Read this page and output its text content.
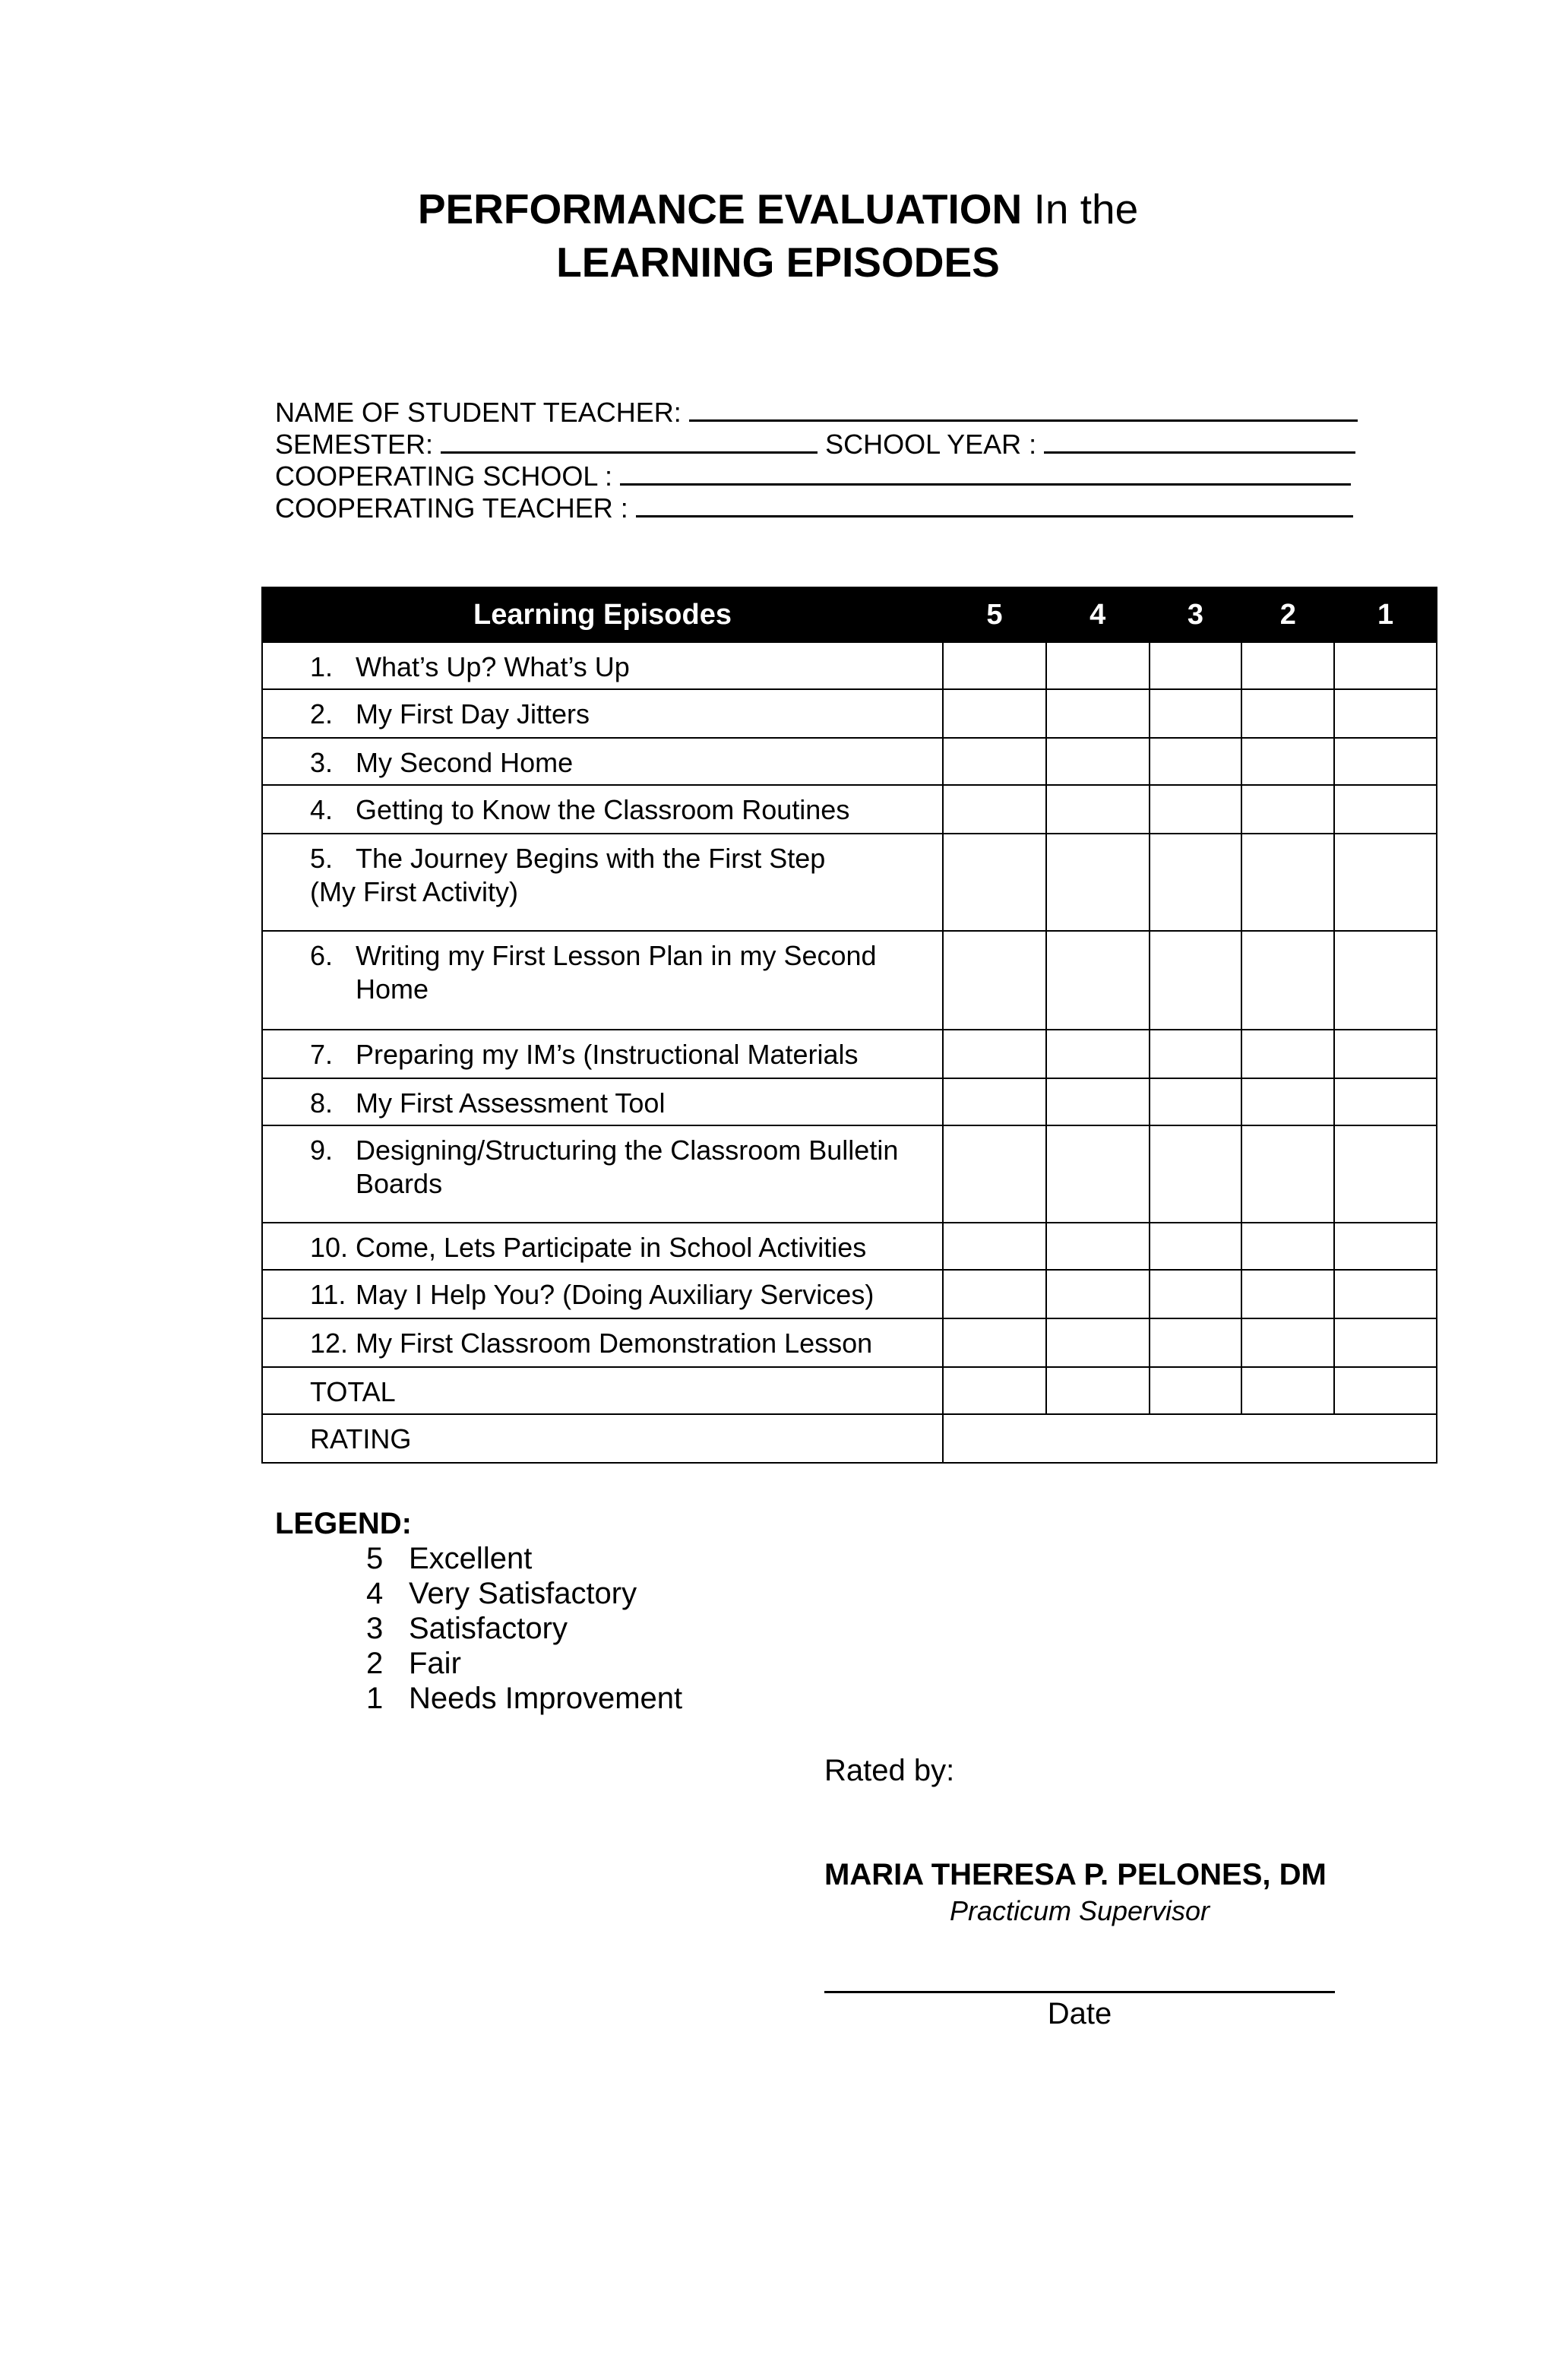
PERFORMANCE EVALUATION In the
LEARNING EPISODES
NAME OF STUDENT TEACHER:
SEMESTER:	SCHOOL YEAR :
COOPERATING SCHOOL :
COOPERATING TEACHER :
Learning Episodes	5	4	3	2	1
1. What’s Up? What’s Up					
2. My First Day Jitters					
3. My Second Home					
4. Getting to Know the Classroom Routines					
5. The Journey Begins with the First Step
(My First Activity)					

6. Writing my First Lesson Plan in my Second
Home					

7. Preparing my IM’s (Instructional Materials					
8. My First Assessment Tool					
9. Designing/Structuring the Classroom Bulletin
Boards					

10. Come, Lets Participate in School Activities					
11. May I Help You? (Doing Auxiliary Services)					
12. My First Classroom Demonstration Lesson					
TOTAL					
RATING					
LEGEND:
5 Excellent
4 Very Satisfactory
3 Satisfactory
2 Fair
1 Needs Improvement
Rated by:
MARIA THERESA P. PELONES, DM
Practicum Supervisor
Date
